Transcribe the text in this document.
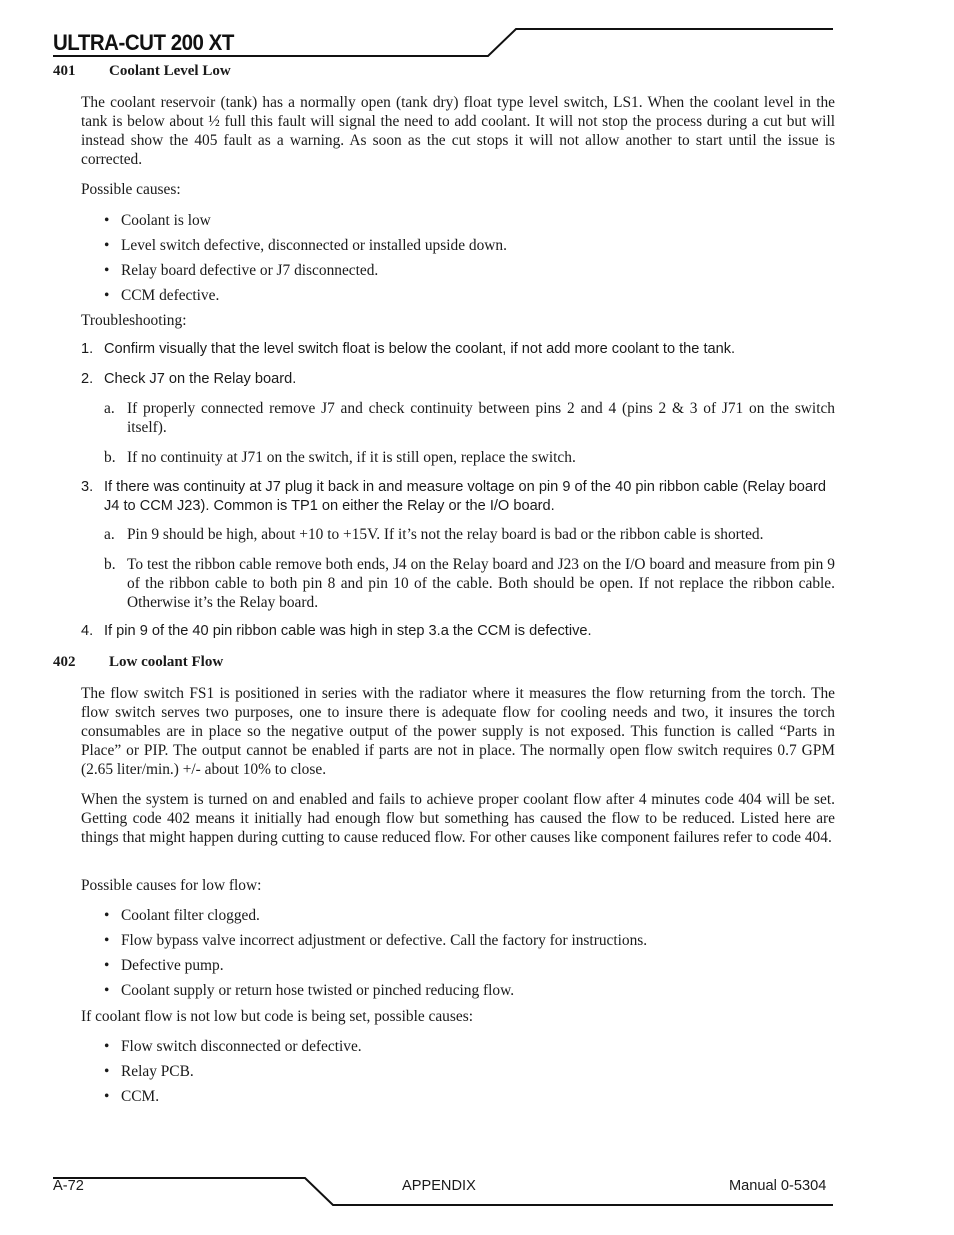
ULTRA-CUT 200 XT
401 Coolant Level Low

The coolant reservoir (tank) has a normally open (tank dry) float type level switch, LS1. When the coolant level in the tank is below about ½ full this fault will signal the need to add coolant. It will not stop the process during a cut but will instead show the 405 fault as a warning. As soon as the cut stops it will not allow another to start until the issue is corrected.

Possible causes:
• Coolant is low
• Level switch defective, disconnected or installed upside down.
• Relay board defective or J7 disconnected.
• CCM defective.
Troubleshooting:
1. Confirm visually that the level switch float is below the coolant, if not add more coolant to the tank.
2. Check J7 on the Relay board.
a. If properly connected remove J7 and check continuity between pins 2 and 4 (pins 2 & 3 of J71 on the switch itself).
b. If no continuity at J71 on the switch, if it is still open, replace the switch.
3. If there was continuity at J7 plug it back in and measure voltage on pin 9 of the 40 pin ribbon cable (Relay board J4 to CCM J23). Common is TP1 on either the Relay or the I/O board.
a. Pin 9 should be high, about +10 to +15V. If it’s not the relay board is bad or the ribbon cable is shorted.
b. To test the ribbon cable remove both ends, J4 on the Relay board and J23 on the I/O board and measure from pin 9 of the ribbon cable to both pin 8 and pin 10 of the cable. Both should be open. If not replace the ribbon cable. Otherwise it’s the Relay board.
4. If pin 9 of the 40 pin ribbon cable was high in step 3.a the CCM is defective.
402 Low coolant Flow

The flow switch FS1 is positioned in series with the radiator where it measures the flow returning from the torch. The flow switch serves two purposes, one to insure there is adequate flow for cooling needs and two, it insures the torch consumables are in place so the negative output of the power supply is not exposed. This function is called “Parts in Place” or PIP. The output cannot be enabled if parts are not in place. The normally open flow switch requires 0.7 GPM (2.65 liter/min.) +/- about 10% to close.

When the system is turned on and enabled and fails to achieve proper coolant flow after 4 minutes code 404 will be set. Getting code 402 means it initially had enough flow but something has caused the flow to be reduced. Listed here are things that might happen during cutting to cause reduced flow. For other causes like component failures refer to code 404.

Possible causes for low flow:
• Coolant filter clogged.
• Flow bypass valve incorrect adjustment or defective. Call the factory for instructions.
• Defective pump.
• Coolant supply or return hose twisted or pinched reducing flow.
If coolant flow is not low but code is being set, possible causes:
• Flow switch disconnected or defective.
• Relay PCB.
• CCM.
A-72	APPENDIX	Manual 0-5304
